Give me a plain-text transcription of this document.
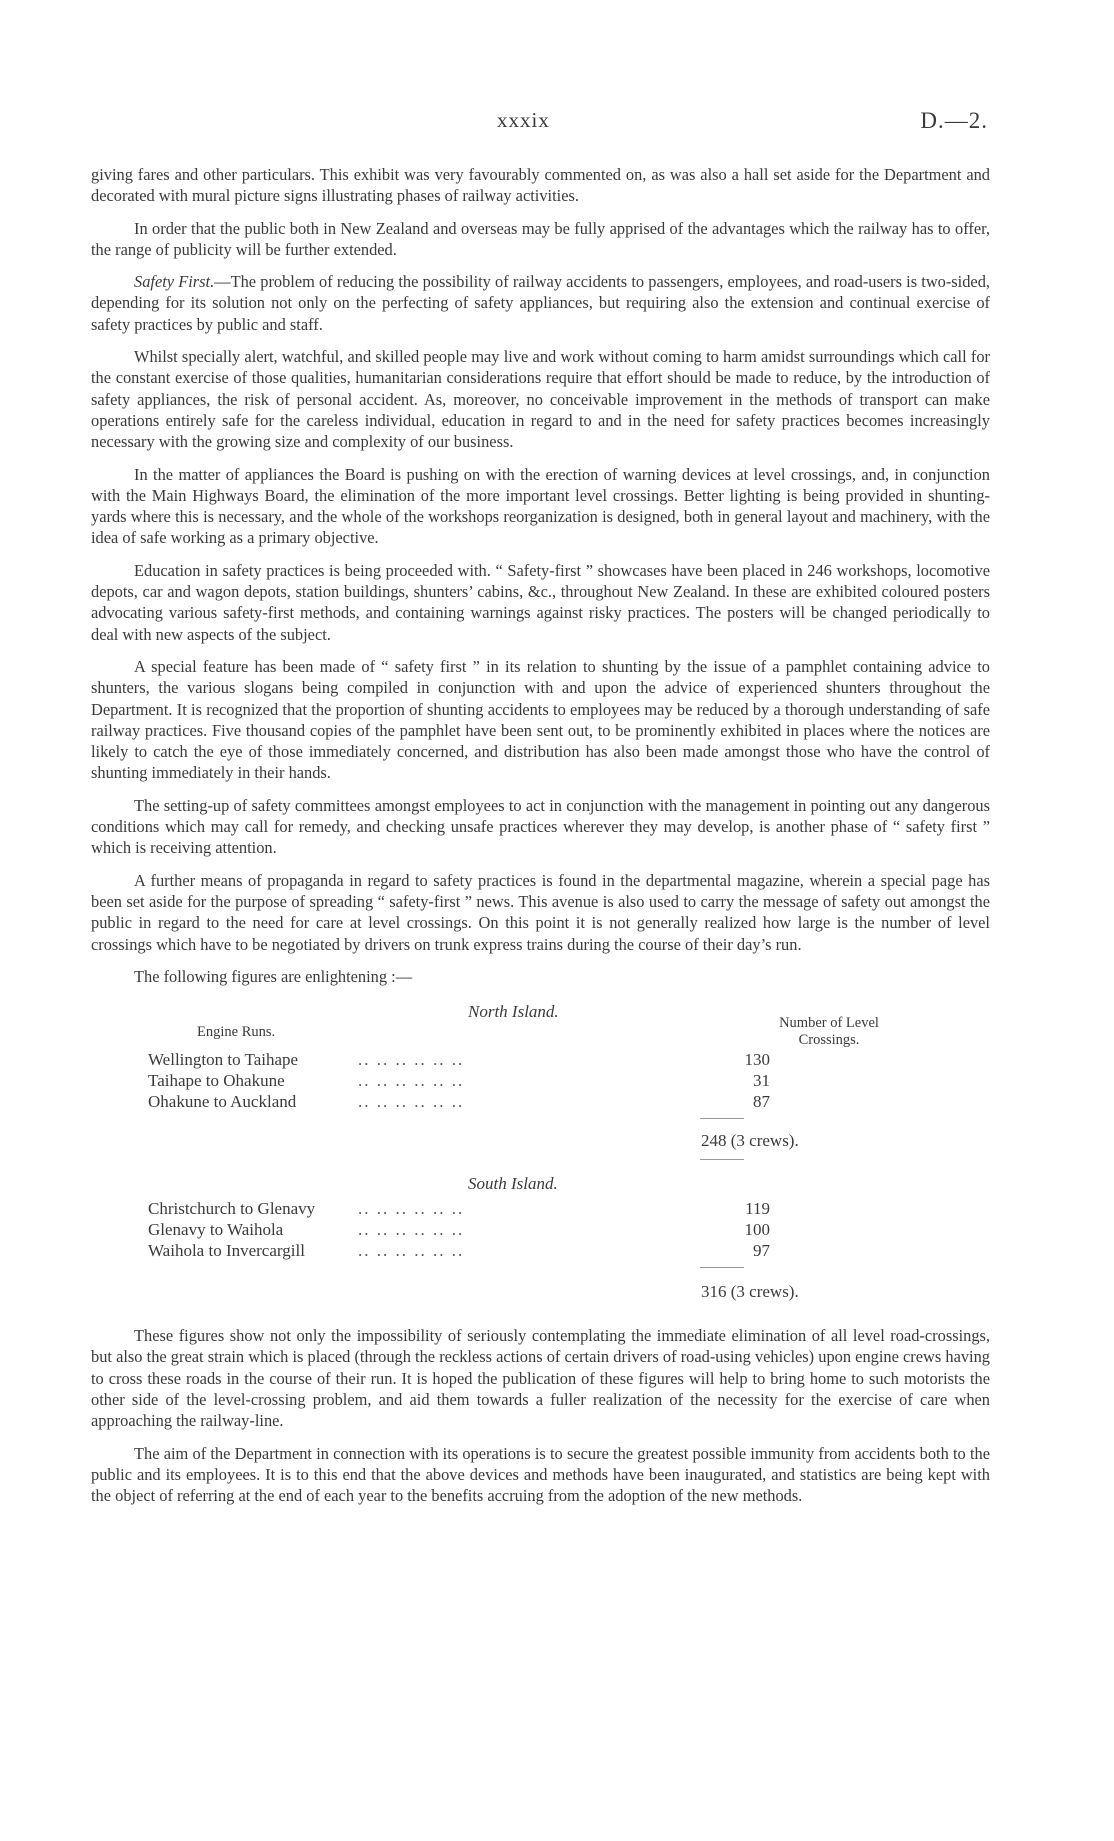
xxxix	D.—2.

giving fares and other particulars. This exhibit was very favourably commented on, as was also a hall set aside for the Department and decorated with mural picture signs illustrating phases of railway activities.

In order that the public both in New Zealand and overseas may be fully apprised of the advantages which the railway has to offer, the range of publicity will be further extended.

Safety First.—The problem of reducing the possibility of railway accidents to passengers, employees, and road-users is two-sided, depending for its solution not only on the perfecting of safety appliances, but requiring also the extension and continual exercise of safety practices by public and staff.

Whilst specially alert, watchful, and skilled people may live and work without coming to harm amidst surroundings which call for the constant exercise of those qualities, humanitarian considerations require that effort should be made to reduce, by the introduction of safety appliances, the risk of personal accident. As, moreover, no conceivable improvement in the methods of transport can make operations entirely safe for the careless individual, education in regard to and in the need for safety practices becomes increasingly necessary with the growing size and complexity of our business.

In the matter of appliances the Board is pushing on with the erection of warning devices at level crossings, and, in conjunction with the Main Highways Board, the elimination of the more important level crossings. Better lighting is being provided in shunting-yards where this is necessary, and the whole of the workshops reorganization is designed, both in general layout and machinery, with the idea of safe working as a primary objective.

Education in safety practices is being proceeded with. “ Safety-first ” showcases have been placed in 246 workshops, locomotive depots, car and wagon depots, station buildings, shunters’ cabins, &c., throughout New Zealand. In these are exhibited coloured posters advocating various safety-first methods, and containing warnings against risky practices. The posters will be changed periodically to deal with new aspects of the subject.

A special feature has been made of “ safety first ” in its relation to shunting by the issue of a pamphlet containing advice to shunters, the various slogans being compiled in conjunction with and upon the advice of experienced shunters throughout the Department. It is recognized that the proportion of shunting accidents to employees may be reduced by a thorough understanding of safe railway practices. Five thousand copies of the pamphlet have been sent out, to be prominently exhibited in places where the notices are likely to catch the eye of those immediately concerned, and distribution has also been made amongst those who have the control of shunting immediately in their hands.

The setting-up of safety committees amongst employees to act in conjunction with the management in pointing out any dangerous conditions which may call for remedy, and checking unsafe practices wherever they may develop, is another phase of “ safety first ” which is receiving attention.

A further means of propaganda in regard to safety practices is found in the departmental magazine, wherein a special page has been set aside for the purpose of spreading “ safety-first ” news. This avenue is also used to carry the message of safety out amongst the public in regard to the need for care at level crossings. On this point it is not generally realized how large is the number of level crossings which have to be negotiated by drivers on trunk express trains during the course of their day’s run.

The following figures are enlightening :—

North Island.
Engine Runs.
Number of Level Crossings.
.. .. .. .. .. ..
Wellington to Taihape	130
.. .. .. .. .. ..
Taihape to Ohakune	31
.. .. .. .. .. ..
Ohakune to Auckland	87
248 (3 crews).
South Island.
.. .. .. .. .. ..
Christchurch to Glenavy	119
.. .. .. .. .. ..
Glenavy to Waihola	100
.. .. .. .. .. ..
Waihola to Invercargill	97
316 (3 crews).

These figures show not only the impossibility of seriously contemplating the immediate elimination of all level road-crossings, but also the great strain which is placed (through the reckless actions of certain drivers of road-using vehicles) upon engine crews having to cross these roads in the course of their run. It is hoped the publication of these figures will help to bring home to such motorists the other side of the level-crossing problem, and aid them towards a fuller realization of the necessity for the exercise of care when approaching the railway-line.

The aim of the Department in connection with its operations is to secure the greatest possible immunity from accidents both to the public and its employees. It is to this end that the above devices and methods have been inaugurated, and statistics are being kept with the object of referring at the end of each year to the benefits accruing from the adoption of the new methods.
